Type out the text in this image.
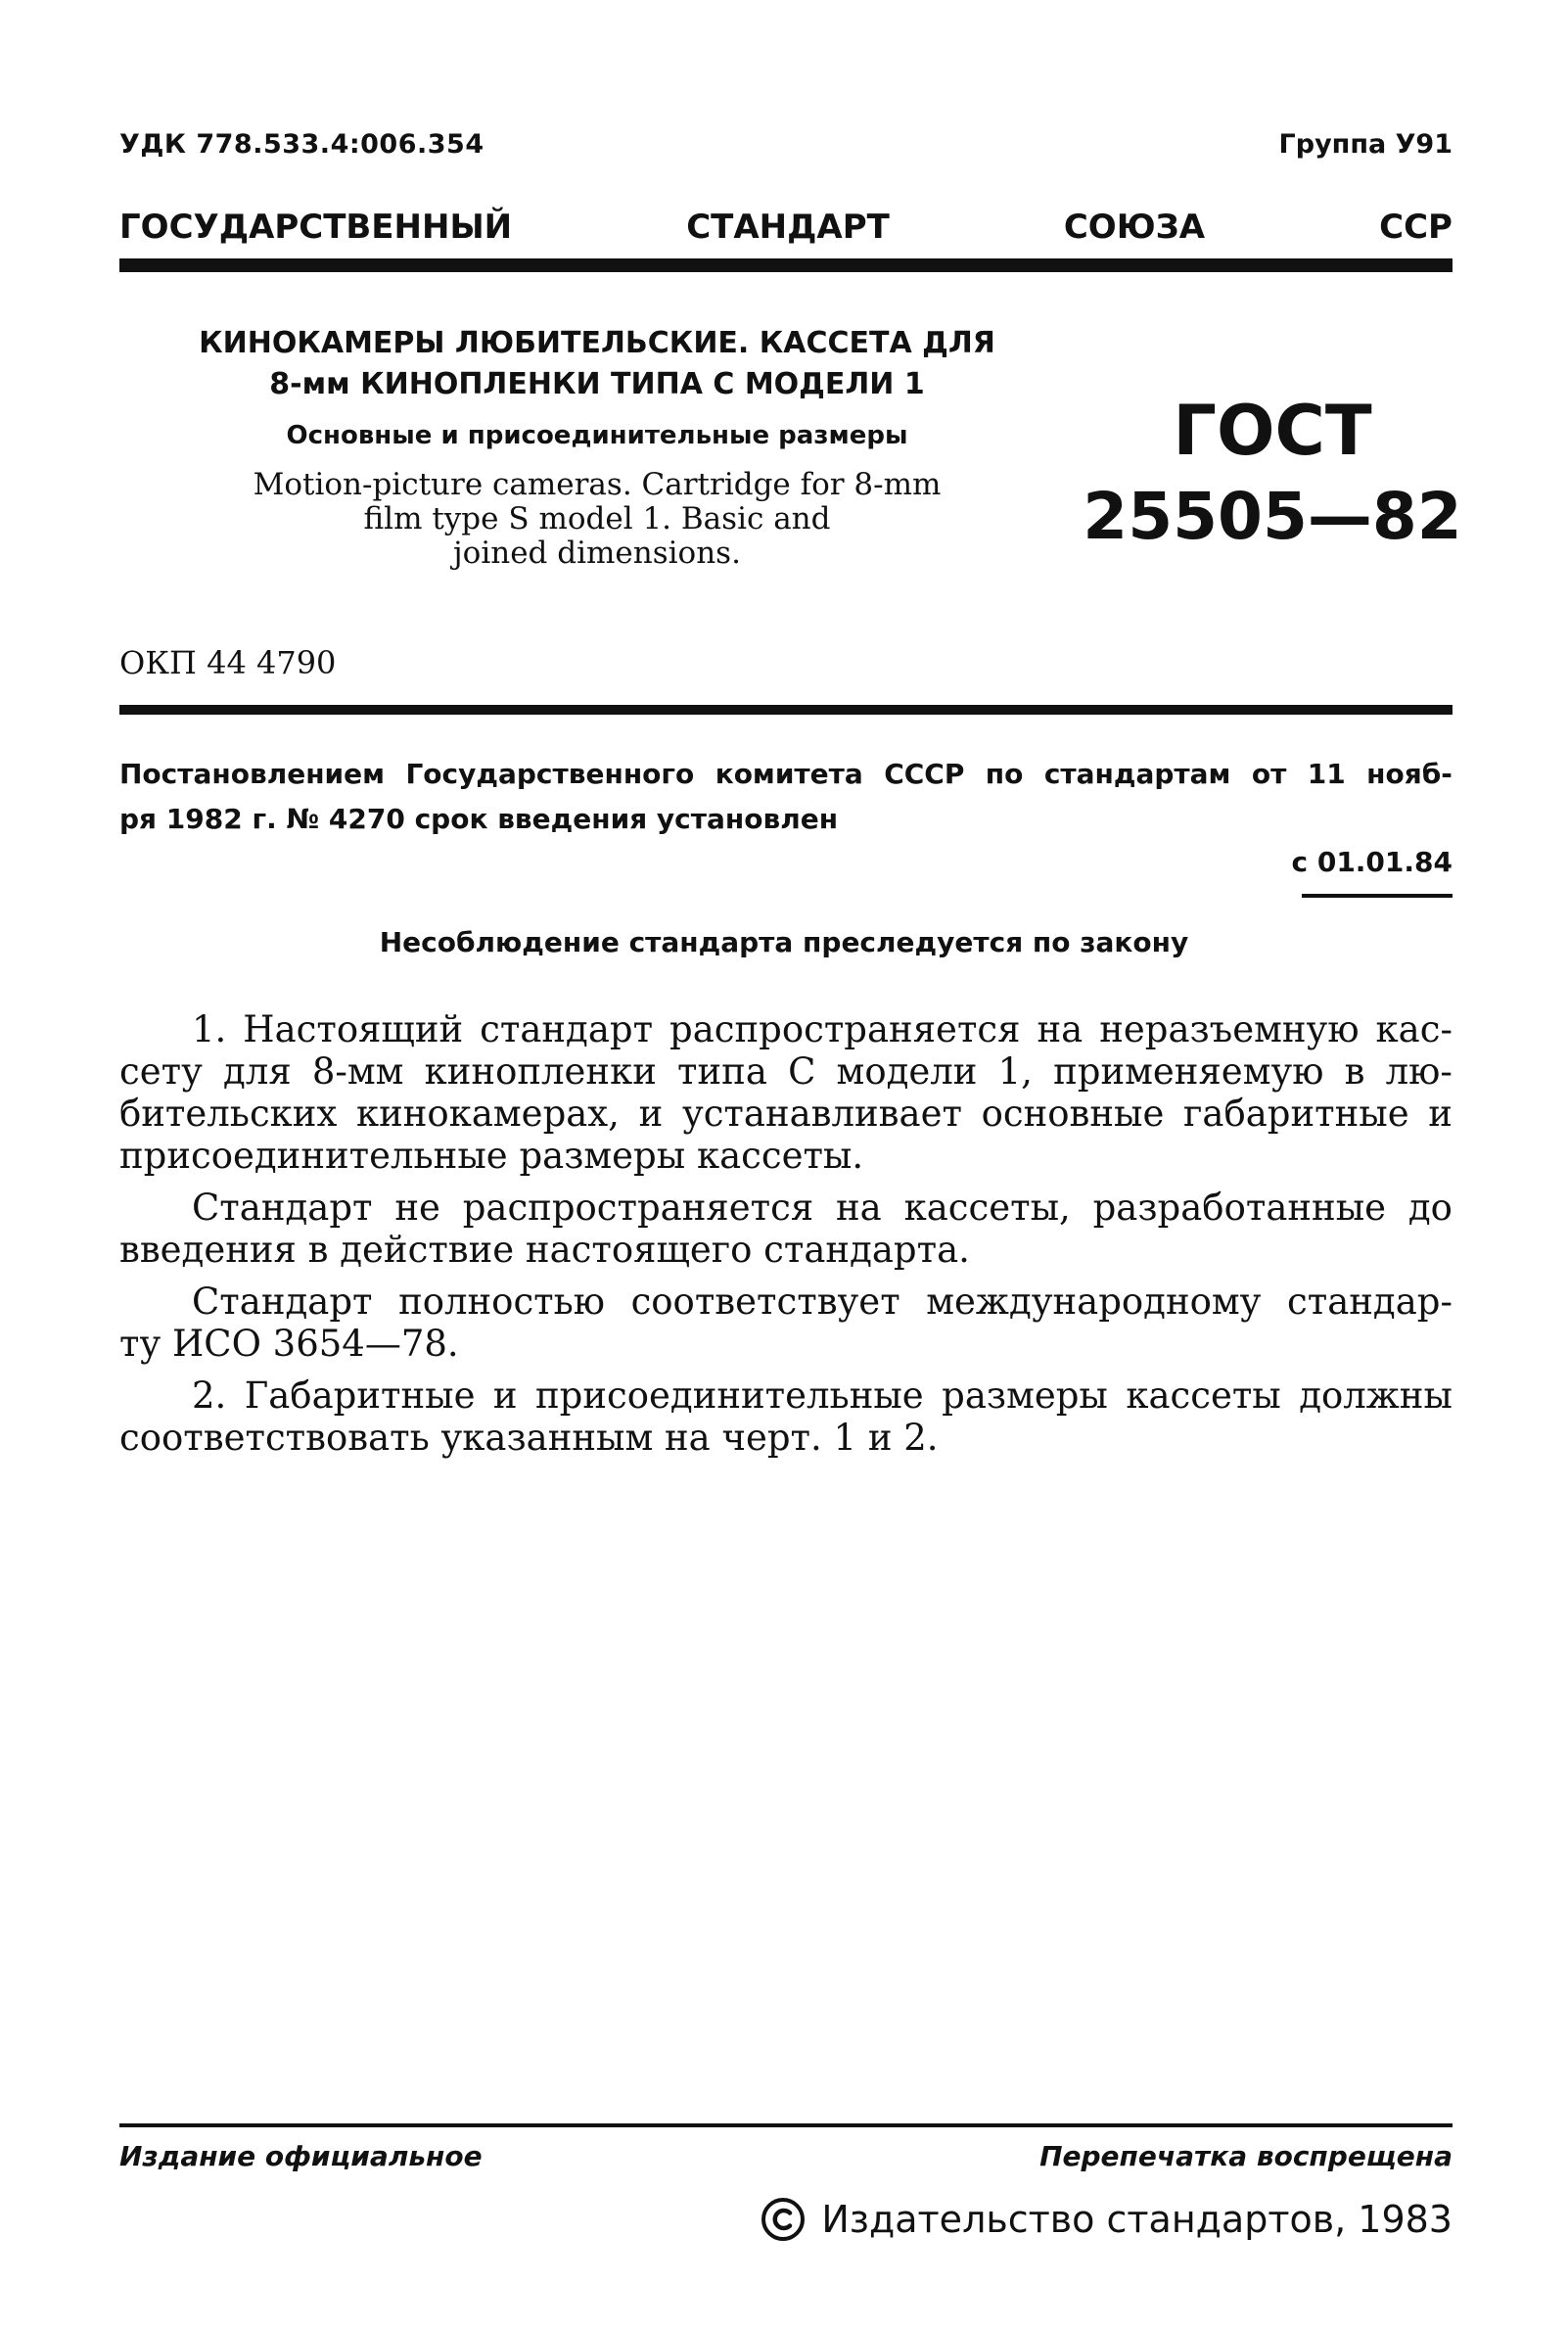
УДК 778.533.4:006.354	Группа У91
ГОСУДАРСТВЕННЫЙ	СТАНДАРТ	СОЮЗА	ССР
КИНОКАМЕРЫ ЛЮБИТЕЛЬСКИЕ. КАССЕТА ДЛЯ
8-мм КИНОПЛЕНКИ ТИПА С МОДЕЛИ 1
Основные и присоединительные размеры
Motion-picture cameras. Cartridge for 8-mm
film type S model 1. Basic and
joined dimensions.
ГОСТ
25505—82
ОКП 44 4790
Постановлением Государственного комитета СССР по стандартам от 11 нояб-
ря 1982 г. № 4270 срок введения установлен
с 01.01.84
Несоблюдение стандарта преследуется по закону
1. Настоящий стандарт распространяется на неразъемную кас-
сету для 8-мм кинопленки типа С модели 1, применяемую в лю-
бительских кинокамерах, и устанавливает основные габаритные и
присоединительные размеры кассеты.
Стандарт не распространяется на кассеты, разработанные до
введения в действие настоящего стандарта.
Стандарт полностью соответствует международному стандар-
ту ИСО 3654—78.
2. Габаритные и присоединительные размеры кассеты должны
соответствовать указанным на черт. 1 и 2.
Издание официальное	Перепечатка воспрещена
Издательство стандартов, 1983
